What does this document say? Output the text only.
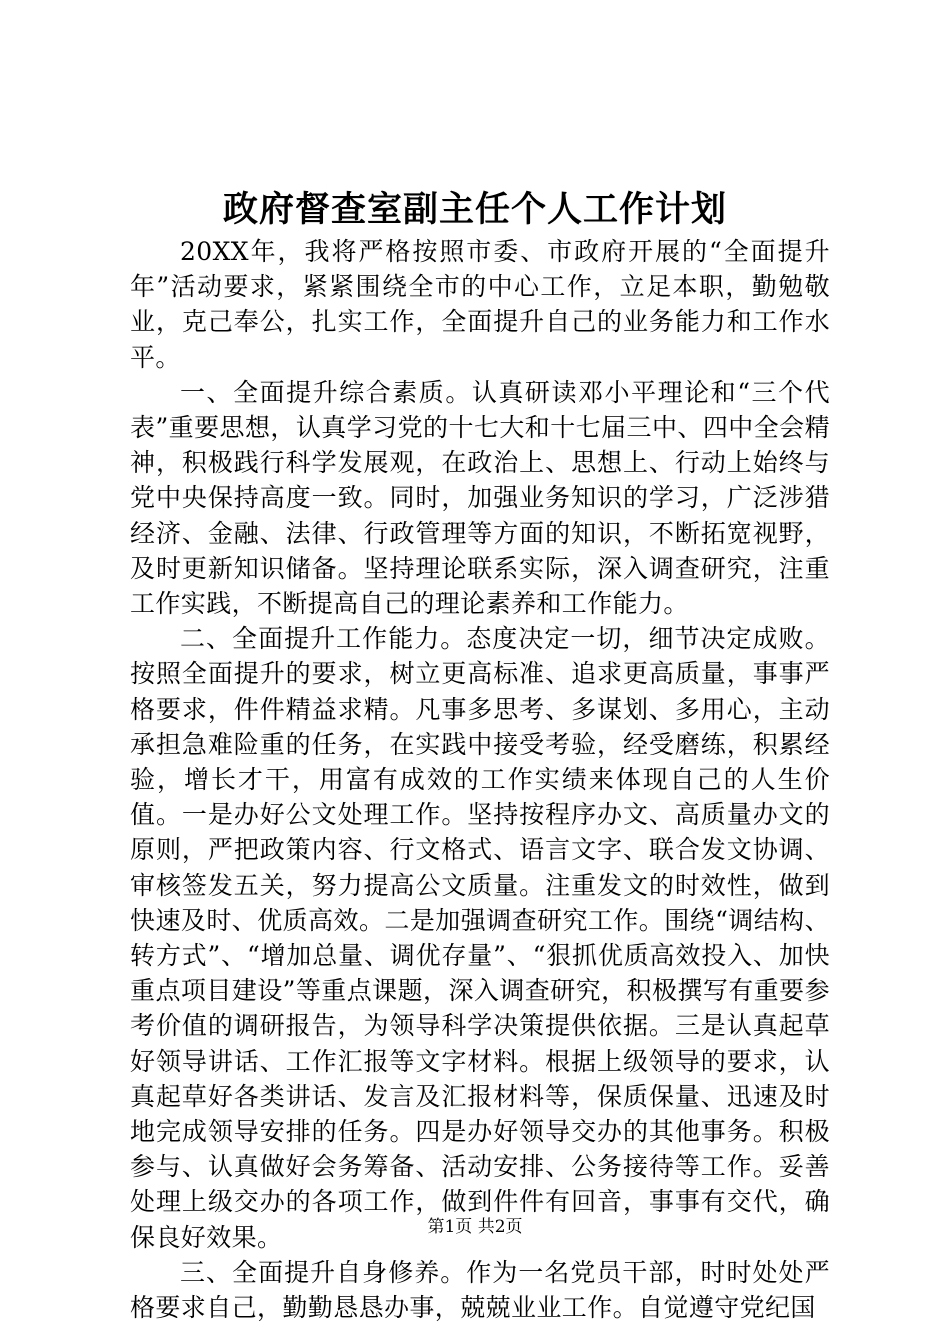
政府督查室副主任个人工作计划

20XX年，我将严格按照市委、市政府开展的“全面提升年”活动要求，紧紧围绕全市的中心工作，立足本职，勤勉敬业，克己奉公，扎实工作，全面提升自己的业务能力和工作水平。

一、全面提升综合素质。认真研读邓小平理论和“三个代表”重要思想，认真学习党的十七大和十七届三中、四中全会精神，积极践行科学发展观，在政治上、思想上、行动上始终与党中央保持高度一致。同时，加强业务知识的学习，广泛涉猎经济、金融、法律、行政管理等方面的知识，不断拓宽视野，及时更新知识储备。坚持理论联系实际，深入调查研究，注重工作实践，不断提高自己的理论素养和工作能力。

二、全面提升工作能力。态度决定一切，细节决定成败。按照全面提升的要求，树立更高标准、追求更高质量，事事严格要求，件件精益求精。凡事多思考、多谋划、多用心，主动承担急难险重的任务，在实践中接受考验，经受磨练，积累经验，增长才干，用富有成效的工作实绩来体现自己的人生价值。一是办好公文处理工作。坚持按程序办文、高质量办文的原则，严把政策内容、行文格式、语言文字、联合发文协调、审核签发五关，努力提高公文质量。注重发文的时效性，做到快速及时、优质高效。二是加强调查研究工作。围绕“调结构、转方式”、“增加总量、调优存量”、“狠抓优质高效投入、加快重点项目建设”等重点课题，深入调查研究，积极撰写有重要参考价值的调研报告，为领导科学决策提供依据。三是认真起草好领导讲话、工作汇报等文字材料。根据上级领导的要求，认真起草好各类讲话、发言及汇报材料等，保质保量、迅速及时地完成领导安排的任务。四是办好领导交办的其他事务。积极参与、认真做好会务筹备、活动安排、公务接待等工作。妥善处理上级交办的各项工作，做到件件有回音，事事有交代，确保良好效果。

三、全面提升自身修养。作为一名党员干部，时时处处严格要求自己，勤勤恳恳办事，兢兢业业工作。自觉遵守党纪国

第1页 共2页
